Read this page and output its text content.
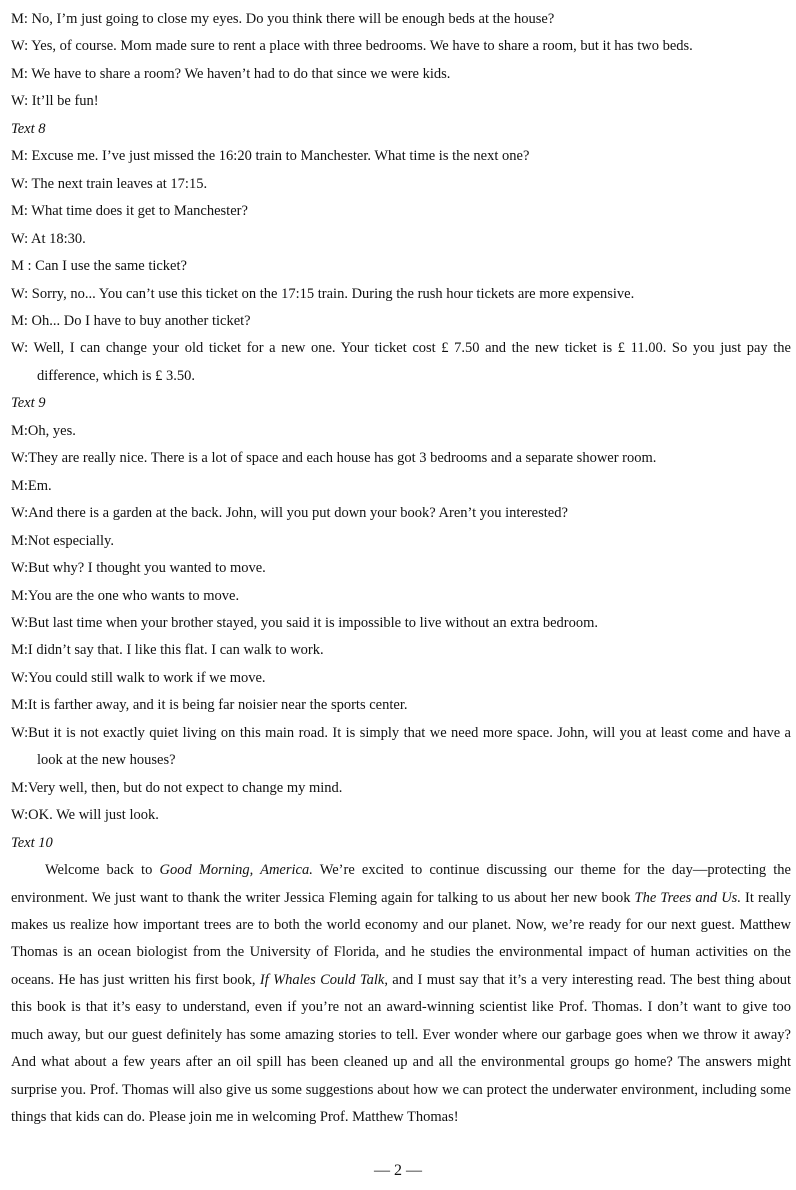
M: No, I’m just going to close my eyes. Do you think there will be enough beds at the house?
W: Yes, of course. Mom made sure to rent a place with three bedrooms. We have to share a room, but it has two beds.
M: We have to share a room? We haven’t had to do that since we were kids.
W: It’ll be fun!
Text 8
M: Excuse me. I’ve just missed the 16:20 train to Manchester. What time is the next one?
W: The next train leaves at 17:15.
M: What time does it get to Manchester?
W: At 18:30.
M : Can I use the same ticket?
W: Sorry, no... You can’t use this ticket on the 17:15 train. During the rush hour tickets are more expensive.
M: Oh... Do I have to buy another ticket?
W: Well, I can change your old ticket for a new one. Your ticket cost £ 7.50 and the new ticket is £ 11.00. So you just pay the difference, which is £ 3.50.
Text 9
M:Oh, yes.
W:They are really nice. There is a lot of space and each house has got 3 bedrooms and a separate shower room.
M:Em.
W:And there is a garden at the back. John, will you put down your book? Aren’t you interested?
M:Not especially.
W:But why? I thought you wanted to move.
M:You are the one who wants to move.
W:But last time when your brother stayed, you said it is impossible to live without an extra bedroom.
M:I didn’t say that. I like this flat. I can walk to work.
W:You could still walk to work if we move.
M:It is farther away, and it is being far noisier near the sports center.
W:But it is not exactly quiet living on this main road. It is simply that we need more space. John, will you at least come and have a look at the new houses?
M:Very well, then, but do not expect to change my mind.
W:OK. We will just look.
Text 10
Welcome back to Good Morning, America. We’re excited to continue discussing our theme for the day—protecting the environment. We just want to thank the writer Jessica Fleming again for talking to us about her new book The Trees and Us. It really makes us realize how important trees are to both the world economy and our planet. Now, we’re ready for our next guest. Matthew Thomas is an ocean biologist from the University of Florida, and he studies the environmental impact of human activities on the oceans. He has just written his first book, If Whales Could Talk, and I must say that it’s a very interesting read. The best thing about this book is that it’s easy to understand, even if you’re not an award-winning scientist like Prof. Thomas. I don’t want to give too much away, but our guest definitely has some amazing stories to tell. Ever wonder where our garbage goes when we throw it away? And what about a few years after an oil spill has been cleaned up and all the environmental groups go home? The answers might surprise you. Prof. Thomas will also give us some suggestions about how we can protect the underwater environment, including some things that kids can do. Please join me in welcoming Prof. Matthew Thomas!
— 2 —
